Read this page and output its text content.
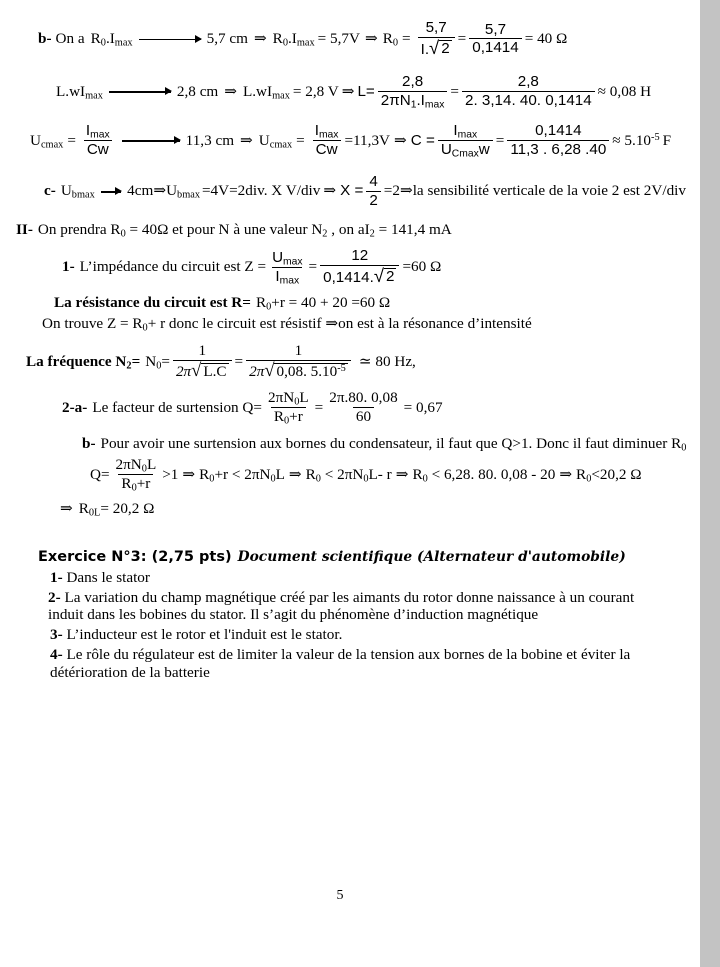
b- On a $R_0.I_{max}$	5,7 cm ⇒ $R_0.I_{max} = 5,7V$ ⇒ $R_0 = \frac{5,7}{I. √ 2} = \frac{5,7}{0,1414} = 40$ Ω
$L.wI_{max}$	2,8 cm ⇒ $L.wI_{max} = 2,8$ V ⇒ $L= \frac{2,8}{2\pi N_1.I_{max}} = \frac{2,8}{2. 3,14. 40. 0,1414} \approx 0,08$ H
$U_{cmax} = \frac{I_{max}}{Cw}$	11,3 cm ⇒ $U_{cmax} = \frac{I_{max}}{Cw} =11,3V$ ⇒ $C = \frac{I_{max}}{U_{Cmax}w} = \frac{0,1414}{11,3 . 6,28 .40} \approx 5.10^{-5}$ F
c- $U_{bmax}$ 4cm ⇒ $U_{bmax} =4V=2div$. X V/div ⇒ $X = \frac{4}{2} =2$ ⇒ la sensibilité verticale de la voie 2 est 2V/div
II- On prendra $R_0 = 40\Omega$ et pour N à une valeur $N_2$ , on $aI_2 = 141,4$ mA
1- L’impédance du circuit est $Z = \frac{U_{max}}{I_{max}} = \frac{12}{0,1414. √ 2} =60$ Ω
La résistance du circuit est $R= R_0+r = 40 + 20 =60$ Ω
On trouve $Z = R_0+ r$ donc le circuit est résistif ⇒on est à la résonance d’intensité
La fréquence $N_2= N_0= \frac{1}{2\pi √ L.C} = \frac{1}{2\pi √ 0,08. 5.10^{-5}}$ ≃ 80 Hz,
2-a- Le facteur de surtension $Q= \frac{2\pi N_0L}{R_0+r} = \frac{2\pi.80. 0,08}{60} = 0,67$
b- Pour avoir une surtension aux bornes du condensateur, il faut que Q>1. Donc il faut diminuer $R_0$
$Q= \frac{2\pi N_0L}{R_0+r} >1$ ⇒ $R_0+r < 2\pi N_0L$ ⇒ $R_0 < 2\pi N_0L-$ r ⇒ $R_0 < 6,28$. 80. 0,08 - 20 ⇒ $R_0<20,2$ Ω
⇒ $R_{0L}= 20,2$ Ω
Exercice N°3: (2,75 pts) Document scientifique (Alternateur d'automobile)
1- Dans le stator
2- La variation du champ magnétique créé par les aimants du rotor donne naissance à un courant induit dans les bobines du stator. Il s’agit du phénomène d’induction magnétique
3- L’inducteur est le rotor et l'induit est le stator.
4- Le rôle du régulateur est de limiter la valeur de la tension aux bornes de la bobine et éviter la détérioration de la batterie
5
